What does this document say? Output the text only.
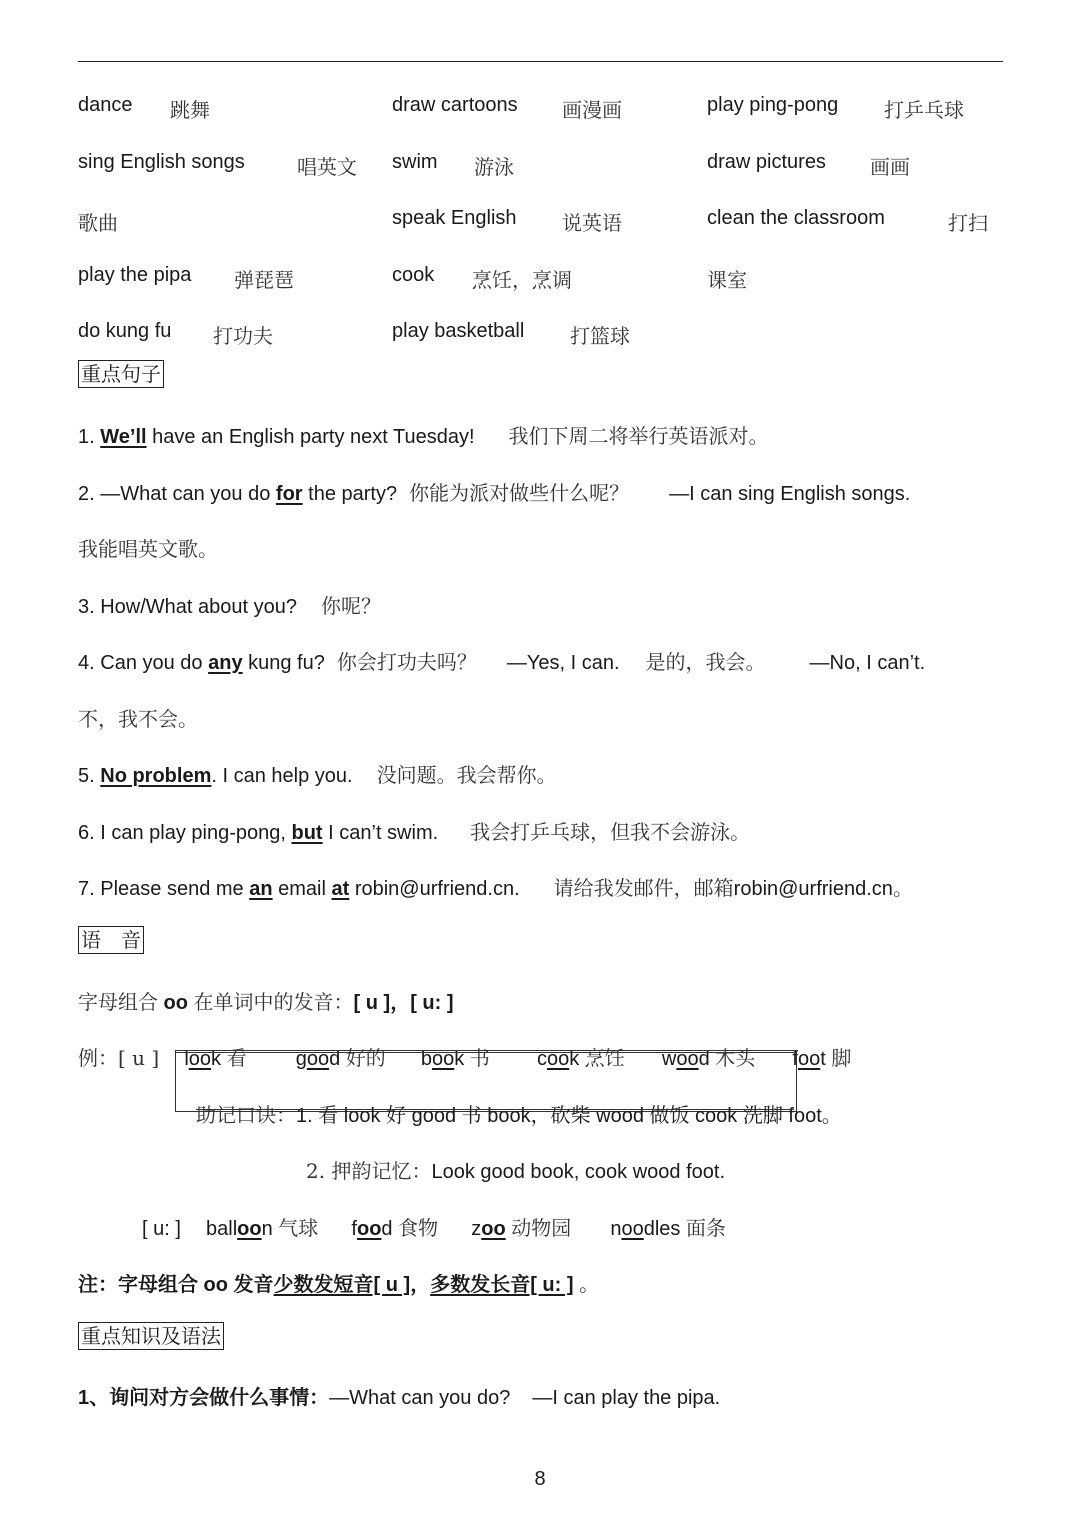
dance 跳舞	draw cartoons 画漫画	play ping-pong 打乒乓球
sing English songs	唱英文 swim 游泳	draw pictures 画画
歌曲	speak English 说英语	clean the classroom	打扫
play the pipa 弹琵琶	cook 烹饪，烹调	课室
do kung fu 打功夫	play basketball 打篮球
重点句子
1. We’ll have an English party next Tuesday! 我们下周二将举行英语派对。
2. —What can you do for the party? 你能为派对做些什么呢？ —I can sing English songs.
我能唱英文歌。
3. How/What about you? 你呢？
4. Can you do any kung fu? 你会打功夫吗？ —Yes, I can. 是的，我会。 —No, I can’t.
不，我不会。
5. No problem. I can help you. 没问题。我会帮你。
6. I can play ping-pong, but I can’t swim. 我会打乒乓球，但我不会游泳。
7. Please send me an email at robin@urfriend.cn. 请给我发邮件，邮箱robin@urfriend.cn。
语　音
字母组合 oo 在单词中的发音：[ u ]，[ u: ]
例：[ u ] look 看 good 好的 book 书 cook 烹饪 wood 木头 foot 脚
助记口诀：1. 看 look 好 good 书 book，砍柴 wood 做饭 cook 洗脚 foot。
2. 押韵记忆：Look good book, cook wood foot.
[ u: ] balloon 气球 food 食物 zoo 动物园 noodles 面条
注：字母组合 oo 发音少数发短音[ u ]，多数发长音[ u: ] 。
重点知识及语法
1、询问对方会做什么事情：—What can you do? —I can play the pipa.
8
